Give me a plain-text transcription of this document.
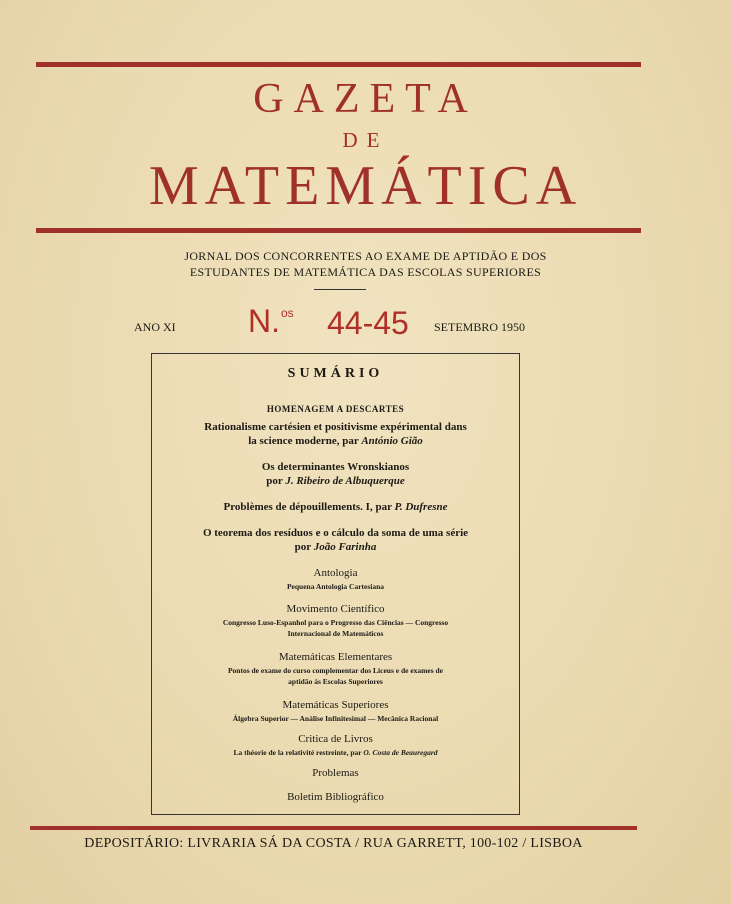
GAZETA
DE
MATEMÁTICA
JORNAL DOS CONCORRENTES AO EXAME DE APTIDÃO E DOS
ESTUDANTES DE MATEMÁTICA DAS ESCOLAS SUPERIORES
ANO XI N.$^{os}$ 44-45 SETEMBRO 1950
SUMÁRIO
HOMENAGEM A DESCARTES
Rationalisme cartésien et positivisme expérimental dans
la science moderne, par António Gião
Os determinantes Wronskianos
por J. Ribeiro de Albuquerque
Problèmes de dépouillements. I, par P. Dufresne
O teorema dos resíduos e o cálculo da soma de uma série
por João Farinha
Antologia
Pequena Antologia Cartesiana
Movimento Científico
Congresso Luso-Espanhol para o Progresso das Ciências — Congresso
Internacional de Matemáticos
Matemáticas Elementares
Pontos de exame do curso complementar dos Liceus e de exames de
aptidão às Escolas Superiores
Matemáticas Superiores
Álgebra Superior — Análise Infinitesimal — Mecânica Racional
Critica de Livros
La théorie de la relativité restreinte, par O. Costa de Beauregard
Problemas
Boletim Bibliográfico
DEPOSITÁRIO: LIVRARIA SÁ DA COSTA / RUA GARRETT, 100-102 / LISBOA
